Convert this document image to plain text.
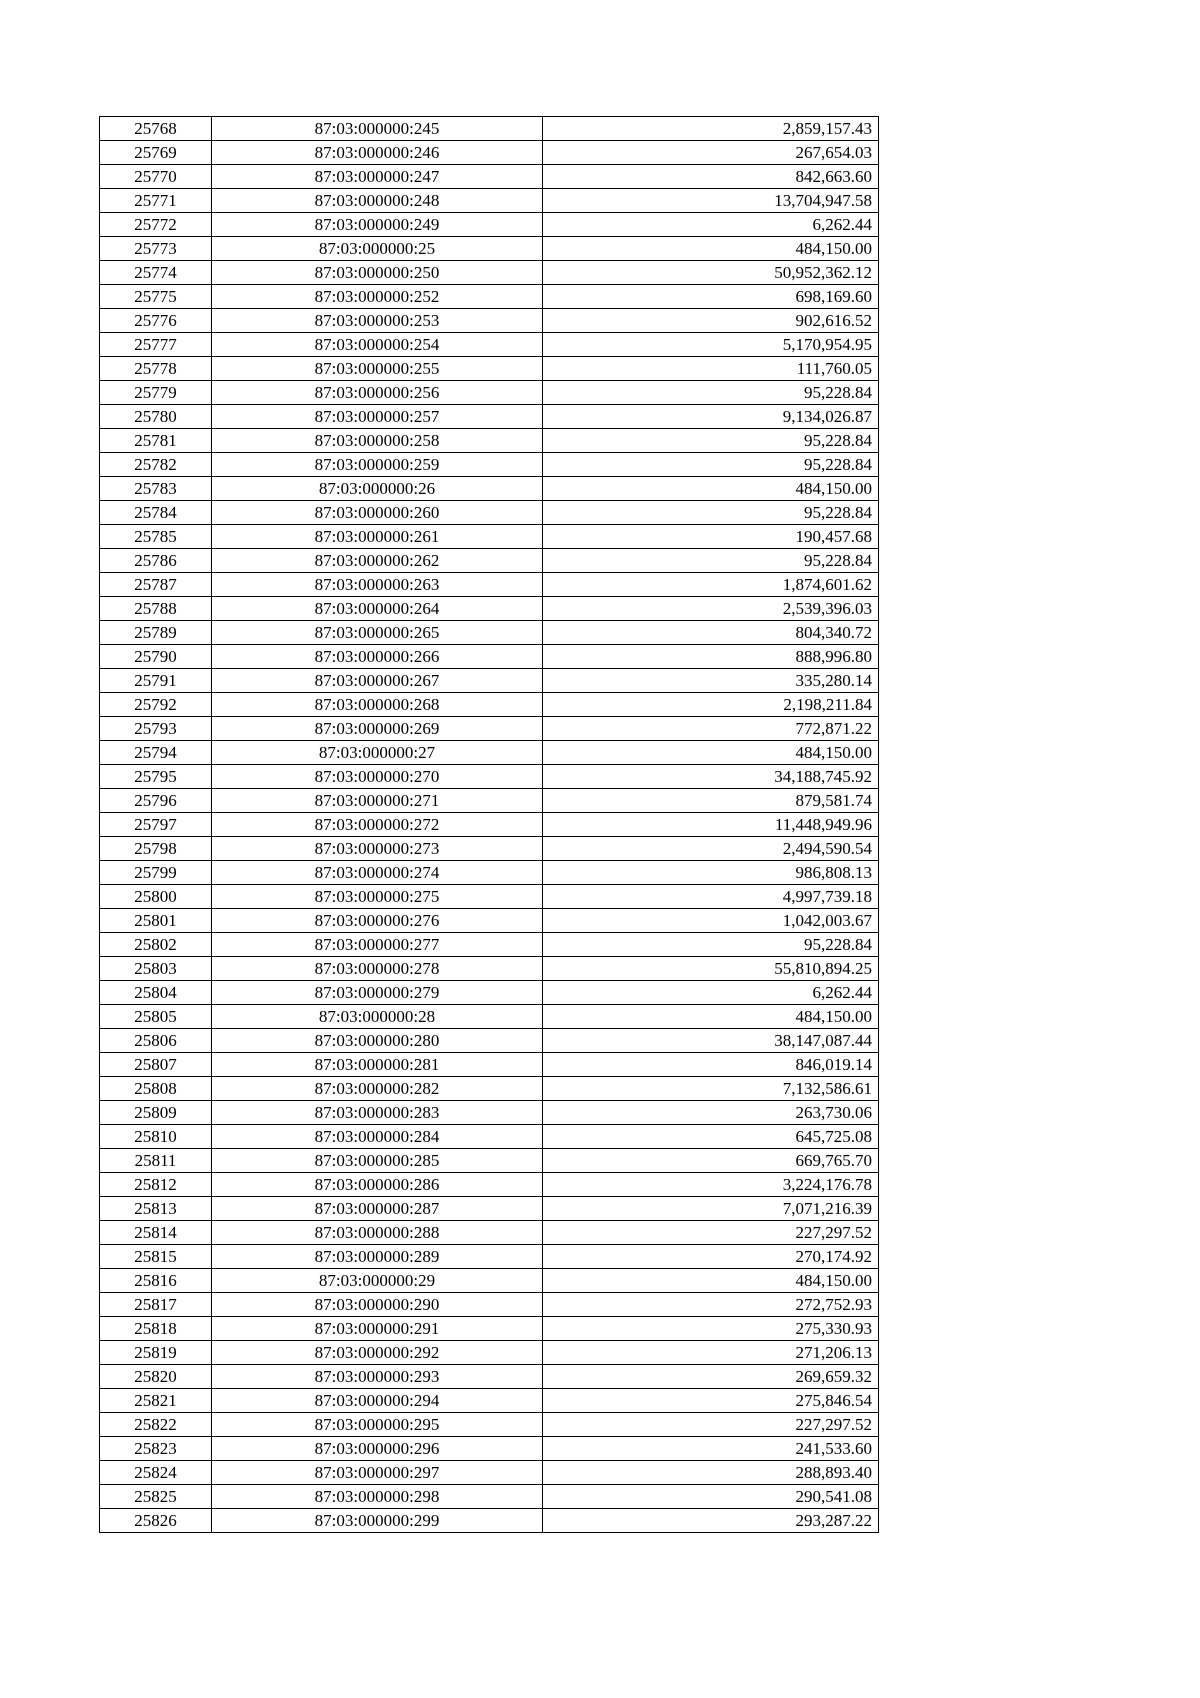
25768	87:03:000000:245	2,859,157.43
25769	87:03:000000:246	267,654.03
25770	87:03:000000:247	842,663.60
25771	87:03:000000:248	13,704,947.58
25772	87:03:000000:249	6,262.44
25773	87:03:000000:25	484,150.00
25774	87:03:000000:250	50,952,362.12
25775	87:03:000000:252	698,169.60
25776	87:03:000000:253	902,616.52
25777	87:03:000000:254	5,170,954.95
25778	87:03:000000:255	111,760.05
25779	87:03:000000:256	95,228.84
25780	87:03:000000:257	9,134,026.87
25781	87:03:000000:258	95,228.84
25782	87:03:000000:259	95,228.84
25783	87:03:000000:26	484,150.00
25784	87:03:000000:260	95,228.84
25785	87:03:000000:261	190,457.68
25786	87:03:000000:262	95,228.84
25787	87:03:000000:263	1,874,601.62
25788	87:03:000000:264	2,539,396.03
25789	87:03:000000:265	804,340.72
25790	87:03:000000:266	888,996.80
25791	87:03:000000:267	335,280.14
25792	87:03:000000:268	2,198,211.84
25793	87:03:000000:269	772,871.22
25794	87:03:000000:27	484,150.00
25795	87:03:000000:270	34,188,745.92
25796	87:03:000000:271	879,581.74
25797	87:03:000000:272	11,448,949.96
25798	87:03:000000:273	2,494,590.54
25799	87:03:000000:274	986,808.13
25800	87:03:000000:275	4,997,739.18
25801	87:03:000000:276	1,042,003.67
25802	87:03:000000:277	95,228.84
25803	87:03:000000:278	55,810,894.25
25804	87:03:000000:279	6,262.44
25805	87:03:000000:28	484,150.00
25806	87:03:000000:280	38,147,087.44
25807	87:03:000000:281	846,019.14
25808	87:03:000000:282	7,132,586.61
25809	87:03:000000:283	263,730.06
25810	87:03:000000:284	645,725.08
25811	87:03:000000:285	669,765.70
25812	87:03:000000:286	3,224,176.78
25813	87:03:000000:287	7,071,216.39
25814	87:03:000000:288	227,297.52
25815	87:03:000000:289	270,174.92
25816	87:03:000000:29	484,150.00
25817	87:03:000000:290	272,752.93
25818	87:03:000000:291	275,330.93
25819	87:03:000000:292	271,206.13
25820	87:03:000000:293	269,659.32
25821	87:03:000000:294	275,846.54
25822	87:03:000000:295	227,297.52
25823	87:03:000000:296	241,533.60
25824	87:03:000000:297	288,893.40
25825	87:03:000000:298	290,541.08
25826	87:03:000000:299	293,287.22
